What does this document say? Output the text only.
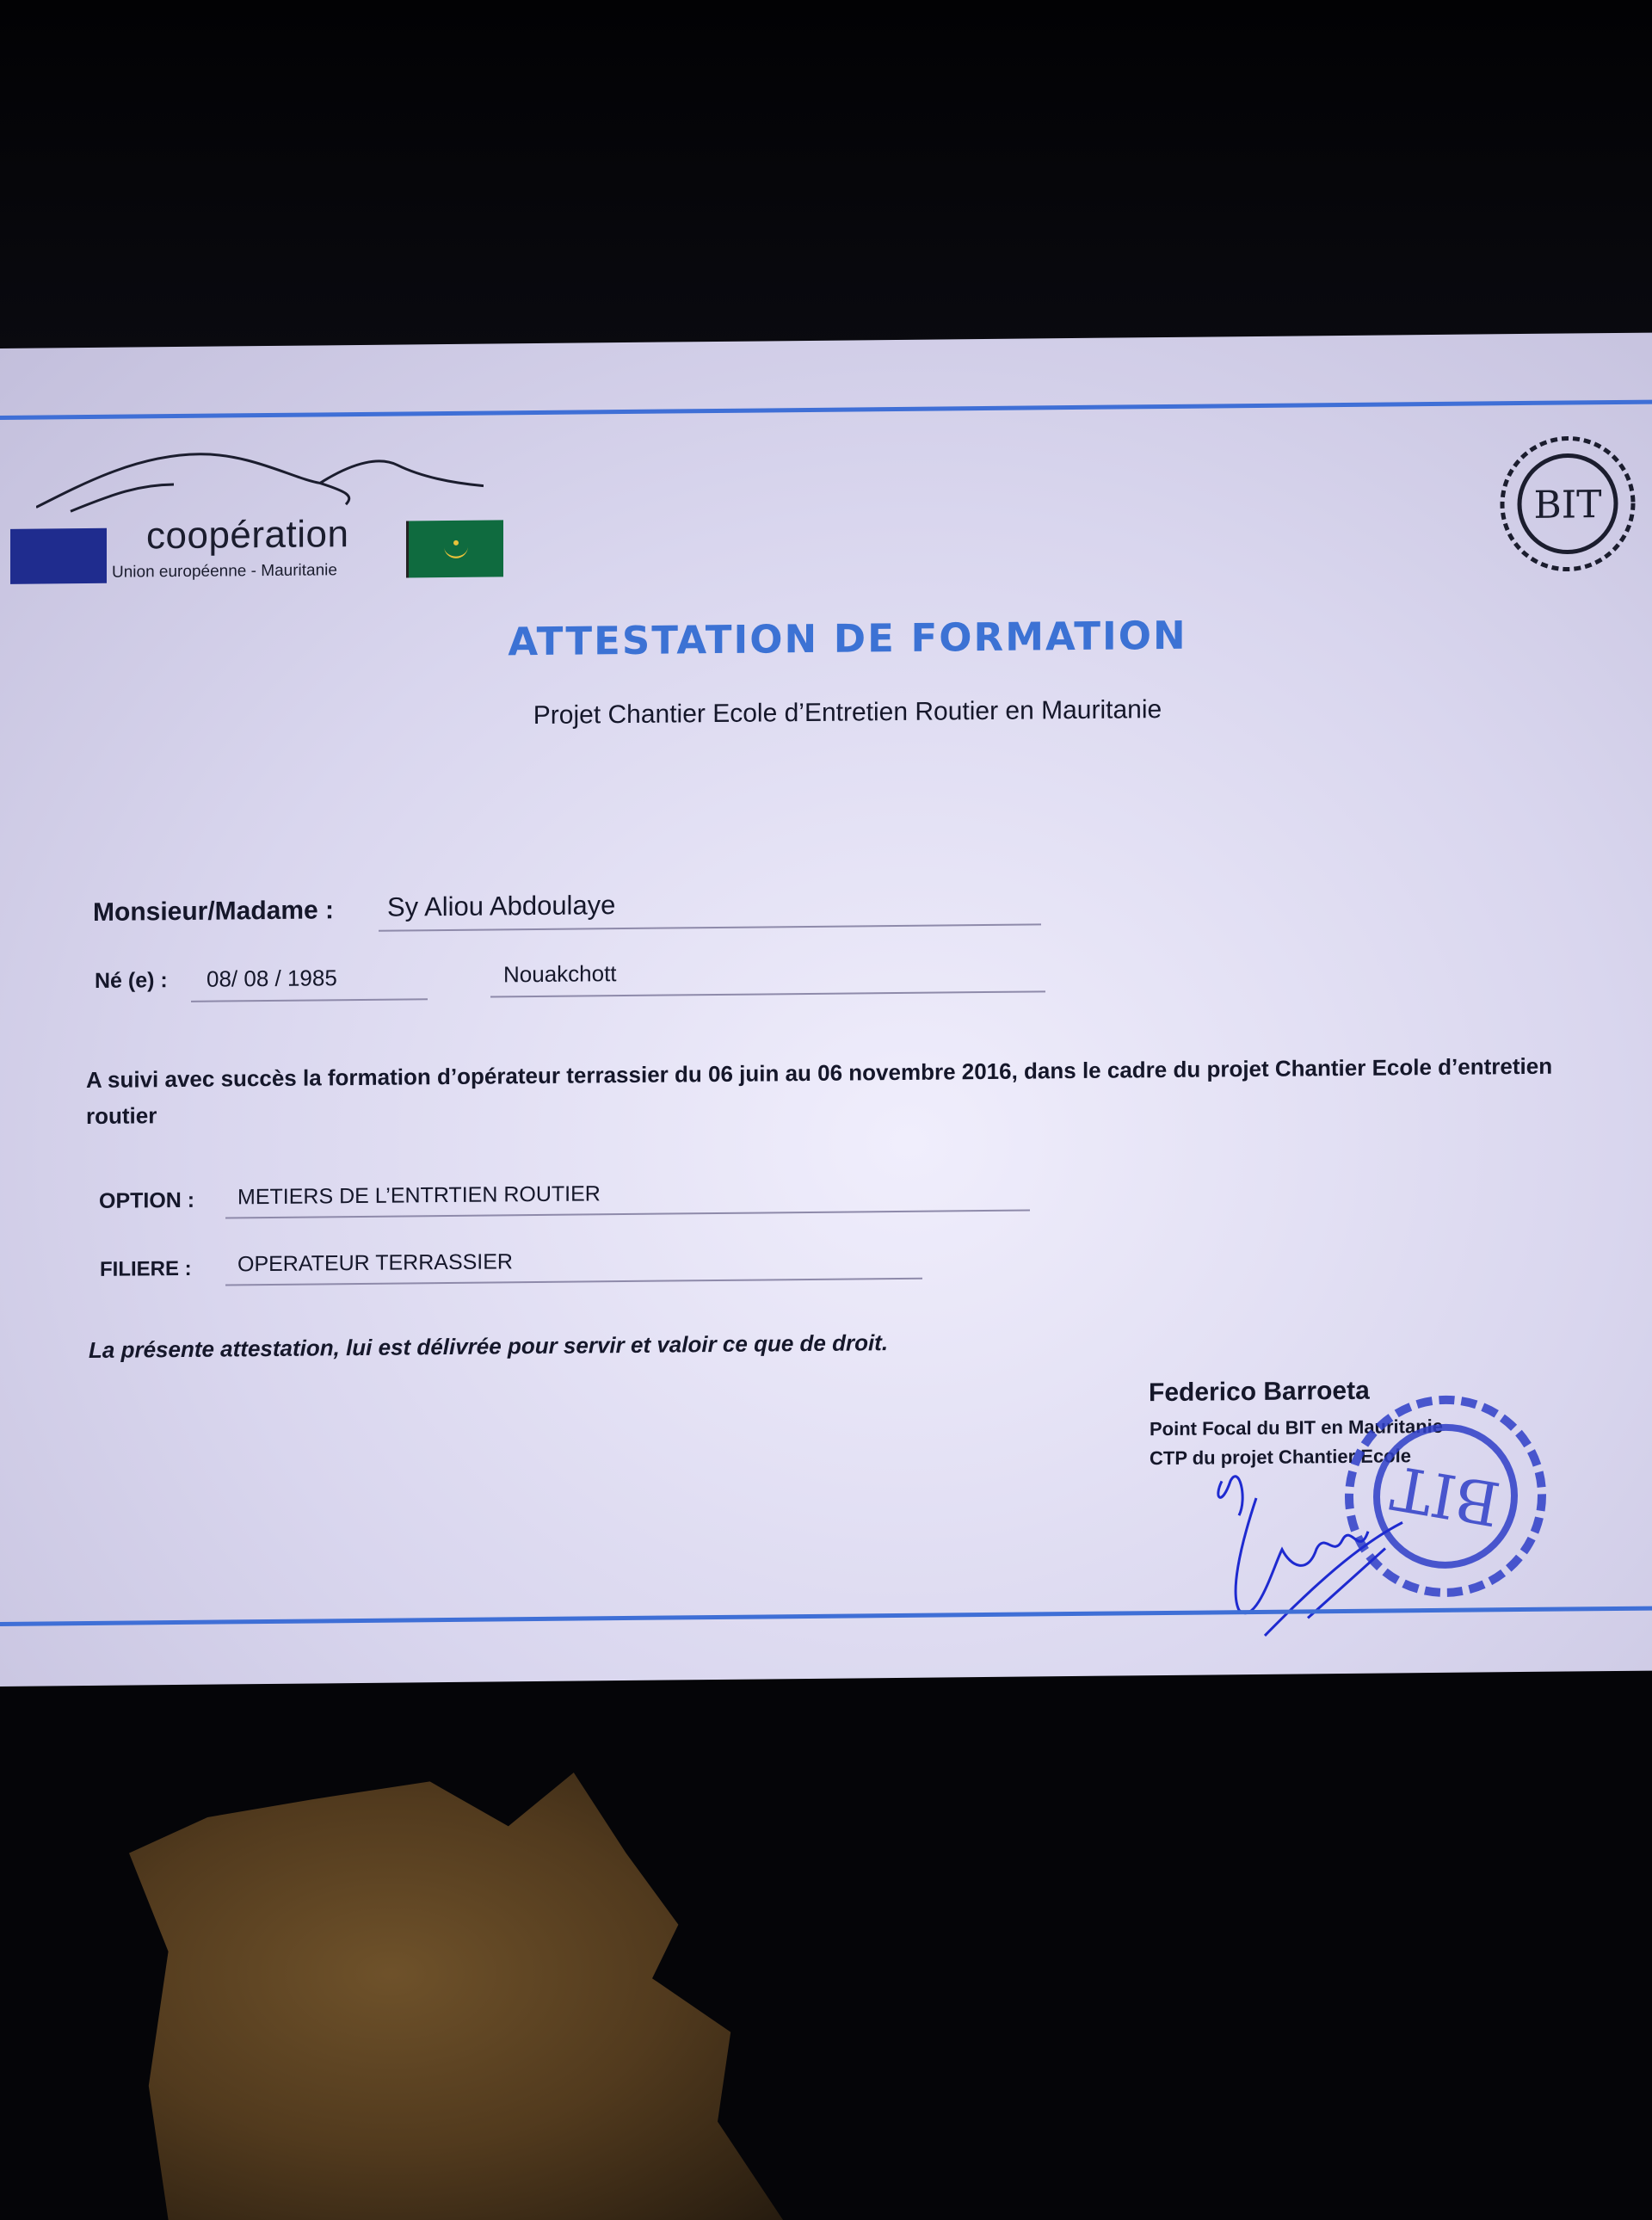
coopération
Union européenne - Mauritanie
BIT
ATTESTATION DE FORMATION
Projet Chantier Ecole d’Entretien Routier en Mauritanie
Monsieur/Madame : Sy Aliou Abdoulaye
Né (e) : 08/ 08 / 1985	Nouakchott
A suivi avec succès la formation d’opérateur terrassier du 06 juin au 06 novembre 2016, dans le cadre du projet Chantier Ecole d’entretien routier
OPTION : METIERS DE L’ENTRTIEN ROUTIER
FILIERE : OPERATEUR TERRASSIER
La présente attestation, lui est délivrée pour servir et valoir ce que de droit.
Federico Barroeta
Point Focal du BIT en Mauritanie
CTP du projet Chantier Ecole
BIT
